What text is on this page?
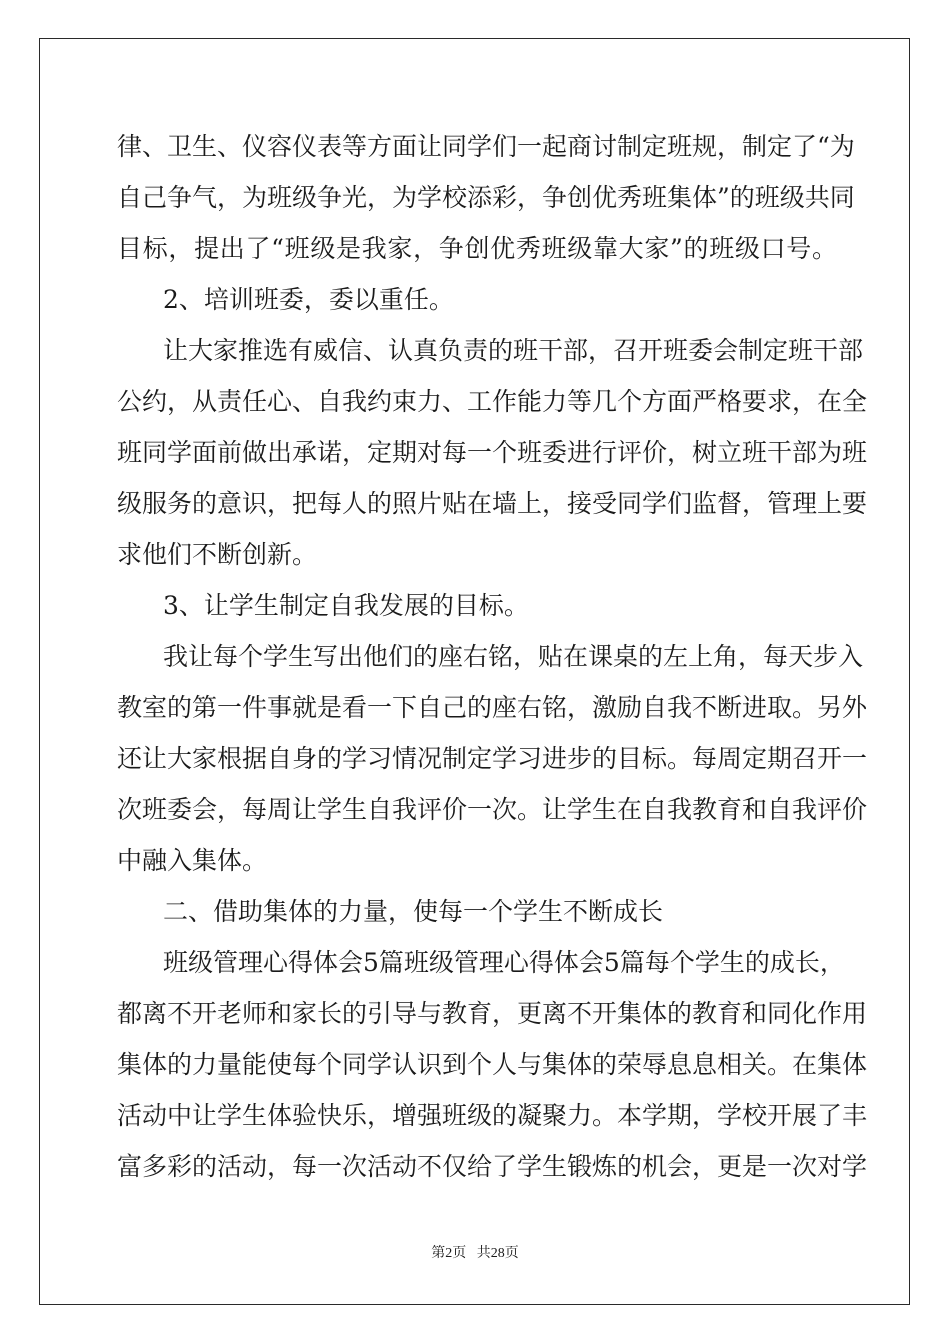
律、卫生、仪容仪表等方面让同学们一起商讨制定班规，制定了“为
自己争气，为班级争光，为学校添彩，争创优秀班集体”的班级共同
目标，提出了“班级是我家，争创优秀班级靠大家”的班级口号。
2、培训班委，委以重任。
让大家推选有威信、认真负责的班干部，召开班委会制定班干部
公约，从责任心、自我约束力、工作能力等几个方面严格要求，在全
班同学面前做出承诺，定期对每一个班委进行评价，树立班干部为班
级服务的意识，把每人的照片贴在墙上，接受同学们监督，管理上要
求他们不断创新。
3、让学生制定自我发展的目标。
我让每个学生写出他们的座右铭，贴在课桌的左上角，每天步入
教室的第一件事就是看一下自己的座右铭，激励自我不断进取。另外
还让大家根据自身的学习情况制定学习进步的目标。每周定期召开一
次班委会，每周让学生自我评价一次。让学生在自我教育和自我评价
中融入集体。
二、借助集体的力量，使每一个学生不断成长
班级管理心得体会5篇班级管理心得体会5篇每个学生的成长，
都离不开老师和家长的引导与教育，更离不开集体的教育和同化作用
集体的力量能使每个同学认识到个人与集体的荣辱息息相关。在集体
活动中让学生体验快乐，增强班级的凝聚力。本学期，学校开展了丰
富多彩的活动，每一次活动不仅给了学生锻炼的机会，更是一次对学
第2页 共28页
